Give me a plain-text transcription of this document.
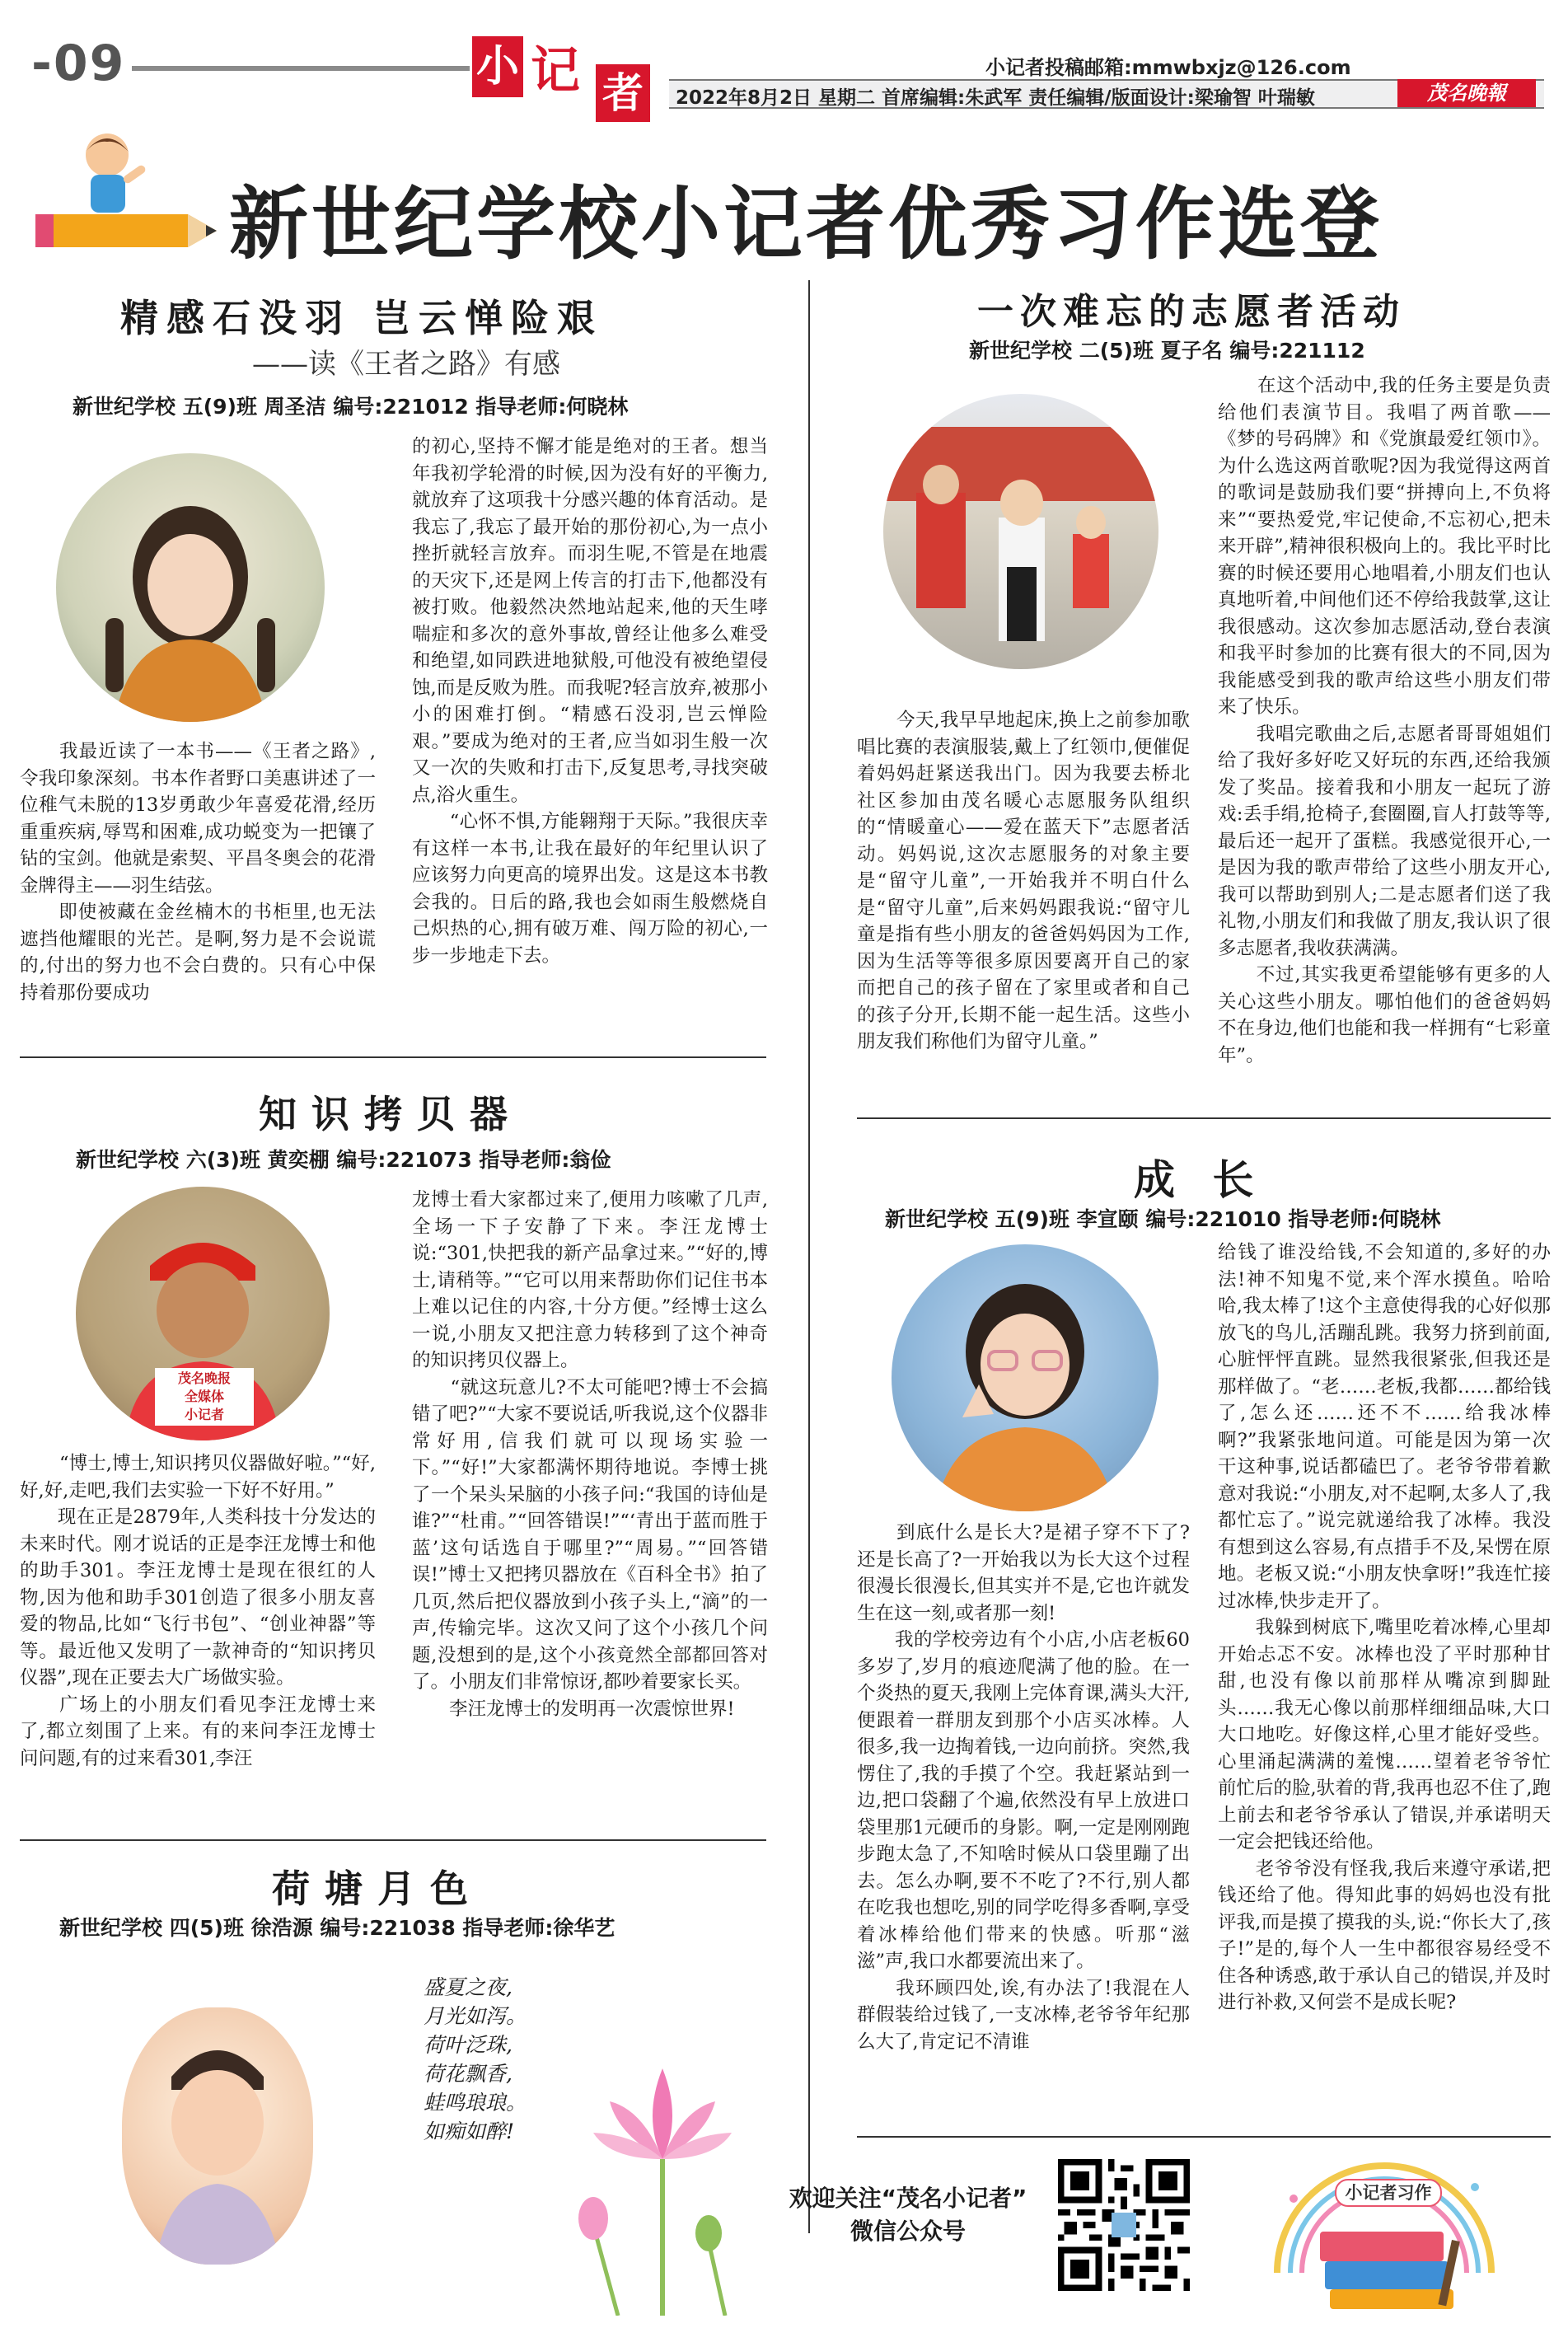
-09	小 记 者
小记者投稿邮箱:mmwbxjz@126.com
2022年8月2日 星期二 首席编辑:朱武军 责任编辑/版面设计:梁瑜智 叶瑞敏	茂名晚報
新世纪学校小记者优秀习作选登
精感石没羽 岂云惮险艰
——读《王者之路》有感
新世纪学校 五(9)班 周圣洁 编号:221012 指导老师:何晓林
我最近读了一本书——《王者之路》,令我印象深刻。书本作者野口美惠讲述了一位稚气未脱的13岁勇敢少年喜爱花滑,经历重重疾病,辱骂和困难,成功蜕变为一把镶了钻的宝剑。他就是索契、平昌冬奥会的花滑金牌得主——羽生结弦。
　　即使被藏在金丝楠木的书柜里,也无法遮挡他耀眼的光芒。是啊,努力是不会说谎的,付出的努力也不会白费的。只有心中保持着那份要成功
的初心,坚持不懈才能是绝对的王者。想当年我初学轮滑的时候,因为没有好的平衡力,就放弃了这项我十分感兴趣的体育活动。是我忘了,我忘了最开始的那份初心,为一点小挫折就轻言放弃。而羽生呢,不管是在地震的天灾下,还是网上传言的打击下,他都没有被打败。他毅然决然地站起来,他的天生哮喘症和多次的意外事故,曾经让他多么难受和绝望,如同跌进地狱般,可他没有被绝望侵蚀,而是反败为胜。而我呢?轻言放弃,被那小小的困难打倒。“精感石没羽,岂云惮险艰。”要成为绝对的王者,应当如羽生般一次又一次的失败和打击下,反复思考,寻找突破点,浴火重生。
　　“心怀不惧,方能翱翔于天际。”我很庆幸有这样一本书,让我在最好的年纪里认识了应该努力向更高的境界出发。这是这本书教会我的。日后的路,我也会如雨生般燃烧自己炽热的心,拥有破万难、闯万险的初心,一步一步地走下去。
知识拷贝器
新世纪学校 六(3)班 黄奕棚 编号:221073 指导老师:翁俭
茂名晚报
全媒体
小记者
“博士,博士,知识拷贝仪器做好啦。”“好,好,好,走吧,我们去实验一下好不好用。”
　　现在正是2879年,人类科技十分发达的未来时代。刚才说话的正是李汪龙博士和他的助手301。李汪龙博士是现在很红的人物,因为他和助手301创造了很多小朋友喜爱的物品,比如“飞行书包”、“创业神器”等等。最近他又发明了一款神奇的“知识拷贝仪器”,现在正要去大广场做实验。
　　广场上的小朋友们看见李汪龙博士来了,都立刻围了上来。有的来问李汪龙博士问问题,有的过来看301,李汪
龙博士看大家都过来了,便用力咳嗽了几声,全场一下子安静了下来。李汪龙博士说:“301,快把我的新产品拿过来。”“好的,博士,请稍等。”“它可以用来帮助你们记住书本上难以记住的内容,十分方便。”经博士这么一说,小朋友又把注意力转移到了这个神奇的知识拷贝仪器上。
　　“就这玩意儿?不太可能吧?博士不会搞错了吧?”“大家不要说话,听我说,这个仪器非常好用,信我们就可以现场实验一下。”“好!”大家都满怀期待地说。李博士挑了一个呆头呆脑的小孩子问:“我国的诗仙是谁?”“杜甫。”“回答错误!”“‘青出于蓝而胜于蓝’这句话选自于哪里?”“周易。”“回答错误!”博士又把拷贝器放在《百科全书》拍了几页,然后把仪器放到小孩子头上,“滴”的一声,传输完毕。这次又问了这个小孩几个问题,没想到的是,这个小孩竟然全部都回答对了。小朋友们非常惊讶,都吵着要家长买。
　　李汪龙博士的发明再一次震惊世界!
荷塘月色
新世纪学校 四(5)班 徐浩源 编号:221038 指导老师:徐华艺
盛夏之夜,
月光如泻。
荷叶泛珠,
荷花飘香,
蛙鸣琅琅。
如痴如醉!
一次难忘的志愿者活动
新世纪学校 二(5)班 夏子名 编号:221112
今天,我早早地起床,换上之前参加歌唱比赛的表演服装,戴上了红领巾,便催促着妈妈赶紧送我出门。因为我要去桥北社区参加由茂名暖心志愿服务队组织的“情暖童心——爱在蓝天下”志愿者活动。妈妈说,这次志愿服务的对象主要是“留守儿童”,一开始我并不明白什么是“留守儿童”,后来妈妈跟我说:“留守儿童是指有些小朋友的爸爸妈妈因为工作,因为生活等等很多原因要离开自己的家而把自己的孩子留在了家里或者和自己的孩子分开,长期不能一起生活。这些小朋友我们称他们为留守儿童。”
在这个活动中,我的任务主要是负责给他们表演节目。我唱了两首歌——《梦的号码牌》和《党旗最爱红领巾》。为什么选这两首歌呢?因为我觉得这两首的歌词是鼓励我们要“拼搏向上,不负将来”“要热爱党,牢记使命,不忘初心,把未来开辟”,精神很积极向上的。我比平时比赛的时候还要用心地唱着,小朋友们也认真地听着,中间他们还不停给我鼓掌,这让我很感动。这次参加志愿活动,登台表演和我平时参加的比赛有很大的不同,因为我能感受到我的歌声给这些小朋友们带来了快乐。
　　我唱完歌曲之后,志愿者哥哥姐姐们给了我好多好吃又好玩的东西,还给我颁发了奖品。接着我和小朋友一起玩了游戏:丢手绢,抢椅子,套圈圈,盲人打鼓等等,最后还一起开了蛋糕。我感觉很开心,一是因为我的歌声带给了这些小朋友开心,我可以帮助到别人;二是志愿者们送了我礼物,小朋友们和我做了朋友,我认识了很多志愿者,我收获满满。
　　不过,其实我更希望能够有更多的人关心这些小朋友。哪怕他们的爸爸妈妈不在身边,他们也能和我一样拥有“七彩童年”。
成 长
新世纪学校 五(9)班 李宣颐 编号:221010 指导老师:何晓林
到底什么是长大?是裙子穿不下了?还是长高了?一开始我以为长大这个过程很漫长很漫长,但其实并不是,它也许就发生在这一刻,或者那一刻!
　　我的学校旁边有个小店,小店老板60多岁了,岁月的痕迹爬满了他的脸。在一个炎热的夏天,我刚上完体育课,满头大汗,便跟着一群朋友到那个小店买冰棒。人很多,我一边掏着钱,一边向前挤。突然,我愣住了,我的手摸了个空。我赶紧站到一边,把口袋翻了个遍,依然没有早上放进口袋里那1元硬币的身影。啊,一定是刚刚跑步跑太急了,不知啥时候从口袋里蹦了出去。怎么办啊,要不不吃了?不行,别人都在吃我也想吃,别的同学吃得多香啊,享受着冰棒给他们带来的快感。听那“滋滋”声,我口水都要流出来了。
　　我环顾四处,诶,有办法了!我混在人群假装给过钱了,一支冰棒,老爷爷年纪那么大了,肯定记不清谁
给钱了谁没给钱,不会知道的,多好的办法!神不知鬼不觉,来个浑水摸鱼。哈哈哈,我太棒了!这个主意使得我的心好似那放飞的鸟儿,活蹦乱跳。我努力挤到前面,心脏怦怦直跳。显然我很紧张,但我还是那样做了。“老……老板,我都……都给钱了,怎么还……还不不……给我冰棒啊?”我紧张地问道。可能是因为第一次干这种事,说话都磕巴了。老爷爷带着歉意对我说:“小朋友,对不起啊,太多人了,我都忙忘了。”说完就递给我了冰棒。我没有想到这么容易,有点措手不及,呆愣在原地。老板又说:“小朋友快拿呀!”我连忙接过冰棒,快步走开了。
　　我躲到树底下,嘴里吃着冰棒,心里却开始忐忑不安。冰棒也没了平时那种甘甜,也没有像以前那样从嘴凉到脚趾头……我无心像以前那样细细品味,大口大口地吃。好像这样,心里才能好受些。心里涌起满满的羞愧……望着老爷爷忙前忙后的脸,驮着的背,我再也忍不住了,跑上前去和老爷爷承认了错误,并承诺明天一定会把钱还给他。
　　老爷爷没有怪我,我后来遵守承诺,把钱还给了他。得知此事的妈妈也没有批评我,而是摸了摸我的头,说:“你长大了,孩子!”是的,每个人一生中都很容易经受不住各种诱惑,敢于承认自己的错误,并及时进行补救,又何尝不是成长呢?
欢迎关注“茂名小记者”
微信公众号
小记者习作
